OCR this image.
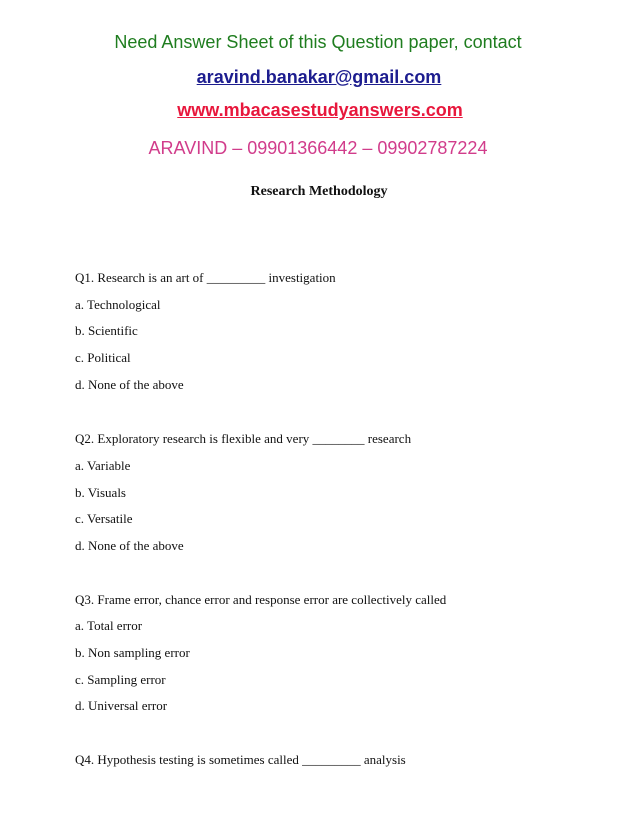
Need Answer Sheet of this Question paper, contact
aravind.banakar@gmail.com
www.mbacasestudyanswers.com
ARAVIND – 09901366442 – 09902787224
Research Methodology
Q1. Research is an art of _________ investigation
a. Technological
b. Scientific
c. Political
d. None of the above
Q2. Exploratory research is flexible and very ________ research
a. Variable
b. Visuals
c. Versatile
d. None of the above
Q3. Frame error, chance error and response error are collectively called
a. Total error
b. Non sampling error
c. Sampling error
d. Universal error
Q4. Hypothesis testing is sometimes called _________ analysis
